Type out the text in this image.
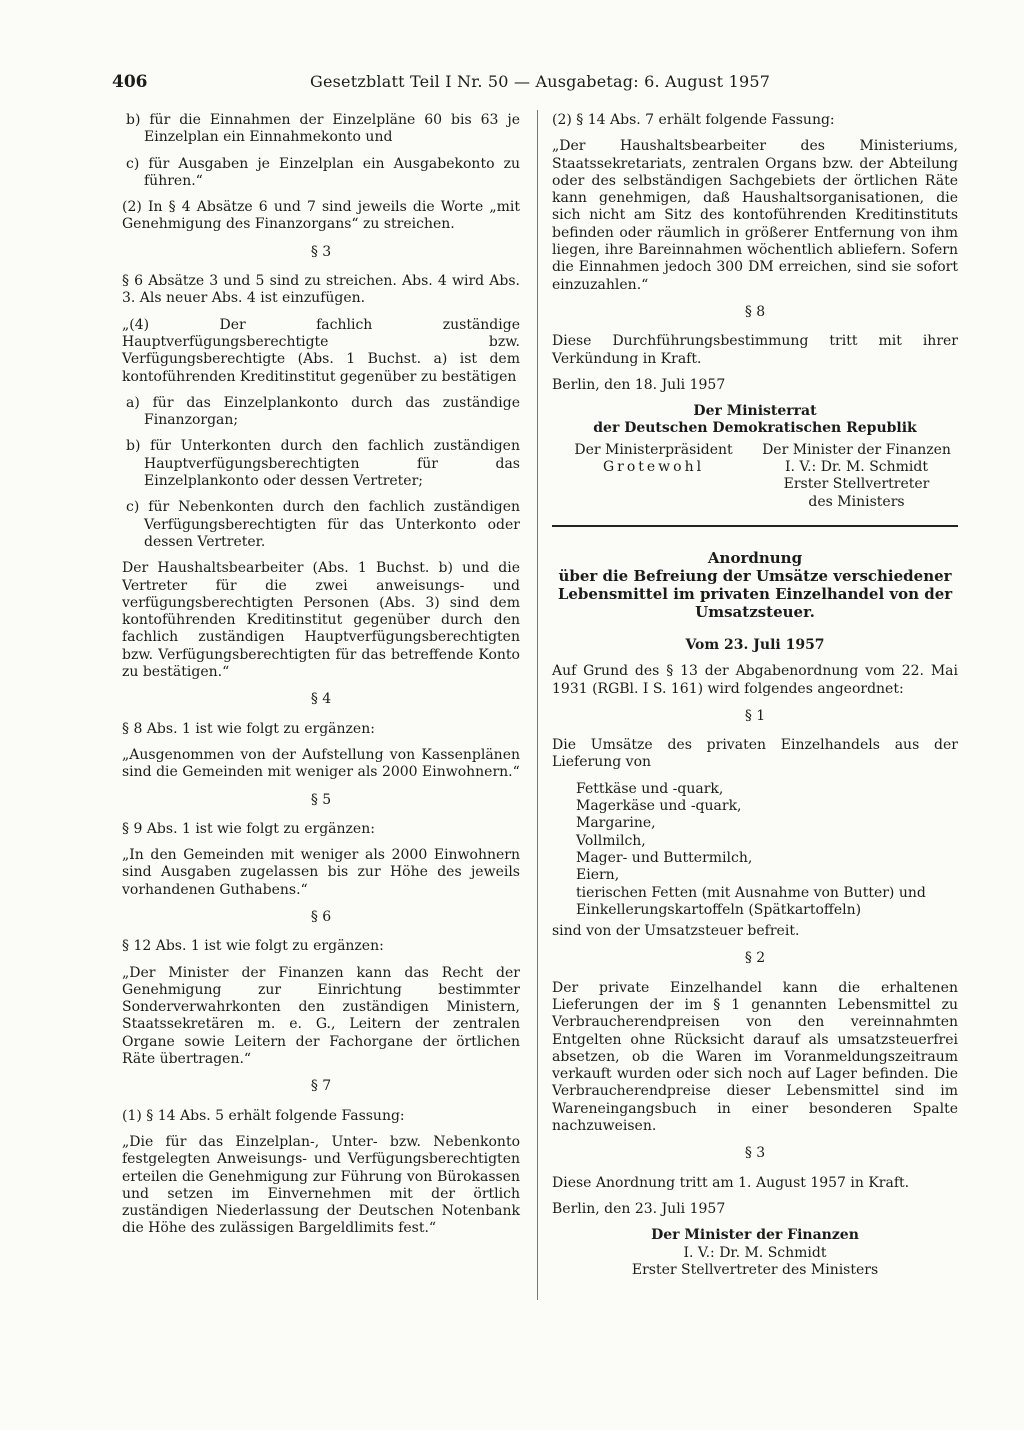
406	Gesetzblatt Teil I Nr. 50 — Ausgabetag: 6. August 1957

b) für die Einnahmen der Einzelpläne 60 bis 63 je Einzelplan ein Einnahmekonto und

c) für Ausgaben je Einzelplan ein Ausgabekonto zu führen.“

(2) In § 4 Absätze 6 und 7 sind jeweils die Worte „mit Genehmigung des Finanzorgans“ zu streichen.

§ 3

§ 6 Absätze 3 und 5 sind zu streichen. Abs. 4 wird Abs. 3. Als neuer Abs. 4 ist einzufügen.

„(4) Der fachlich zuständige Hauptverfügungsberechtigte bzw. Verfügungsberechtigte (Abs. 1 Buchst. a) ist dem kontoführenden Kreditinstitut gegenüber zu bestätigen

a) für das Einzelplankonto durch das zuständige Finanzorgan;

b) für Unterkonten durch den fachlich zuständigen Hauptverfügungsberechtigten für das Einzelplankonto oder dessen Vertreter;

c) für Nebenkonten durch den fachlich zuständigen Verfügungsberechtigten für das Unterkonto oder dessen Vertreter.

Der Haushaltsbearbeiter (Abs. 1 Buchst. b) und die Vertreter für die zwei anweisungs- und verfügungsberechtigten Personen (Abs. 3) sind dem kontoführenden Kreditinstitut gegenüber durch den fachlich zuständigen Hauptverfügungsberechtigten bzw. Verfügungsberechtigten für das betreffende Konto zu bestätigen.“

§ 4

§ 8 Abs. 1 ist wie folgt zu ergänzen:

„Ausgenommen von der Aufstellung von Kassenplänen sind die Gemeinden mit weniger als 2000 Einwohnern.“

§ 5

§ 9 Abs. 1 ist wie folgt zu ergänzen:

„In den Gemeinden mit weniger als 2000 Einwohnern sind Ausgaben zugelassen bis zur Höhe des jeweils vorhandenen Guthabens.“

§ 6

§ 12 Abs. 1 ist wie folgt zu ergänzen:

„Der Minister der Finanzen kann das Recht der Genehmigung zur Einrichtung bestimmter Sonderverwahrkonten den zuständigen Ministern, Staatssekretären m. e. G., Leitern der zentralen Organe sowie Leitern der Fachorgane der örtlichen Räte übertragen.“

§ 7

(1) § 14 Abs. 5 erhält folgende Fassung:

„Die für das Einzelplan-, Unter- bzw. Nebenkonto festgelegten Anweisungs- und Verfügungsberechtigten erteilen die Genehmigung zur Führung von Bürokassen und setzen im Einvernehmen mit der örtlich zuständigen Niederlassung der Deutschen Notenbank die Höhe des zulässigen Bargeldlimits fest.“

(2) § 14 Abs. 7 erhält folgende Fassung:

„Der Haushaltsbearbeiter des Ministeriums, Staatssekretariats, zentralen Organs bzw. der Abteilung oder des selbständigen Sachgebiets der örtlichen Räte kann genehmigen, daß Haushaltsorganisationen, die sich nicht am Sitz des kontoführenden Kreditinstituts befinden oder räumlich in größerer Entfernung von ihm liegen, ihre Bareinnahmen wöchentlich abliefern. Sofern die Einnahmen jedoch 300 DM erreichen, sind sie sofort einzuzahlen.“

§ 8

Diese Durchführungsbestimmung tritt mit ihrer Verkündung in Kraft.

Berlin, den 18. Juli 1957

Der Ministerrat
der Deutschen Demokratischen Republik
Der Ministerpräsident
Grotewohl
Der Minister der Finanzen
I. V.: Dr. M. Schmidt
Erster Stellvertreter
des Ministers
Anordnung
über die Befreiung der Umsätze verschiedener Lebensmittel im privaten Einzelhandel von der Umsatzsteuer.

Vom 23. Juli 1957

Auf Grund des § 13 der Abgabenordnung vom 22. Mai 1931 (RGBl. I S. 161) wird folgendes angeordnet:

§ 1

Die Umsätze des privaten Einzelhandels aus der Lieferung von

Fettkäse und -quark,
Magerkäse und -quark,
Margarine,
Vollmilch,
Mager- und Buttermilch,
Eiern,
tierischen Fetten (mit Ausnahme von Butter) und Einkellerungskartoffeln (Spätkartoffeln)

sind von der Umsatzsteuer befreit.

§ 2

Der private Einzelhandel kann die erhaltenen Lieferungen der im § 1 genannten Lebensmittel zu Verbraucherendpreisen von den vereinnahmten Entgelten ohne Rücksicht darauf als umsatzsteuerfrei absetzen, ob die Waren im Voranmeldungszeitraum verkauft wurden oder sich noch auf Lager befinden. Die Verbraucherendpreise dieser Lebensmittel sind im Wareneingangsbuch in einer besonderen Spalte nachzuweisen.

§ 3

Diese Anordnung tritt am 1. August 1957 in Kraft.

Berlin, den 23. Juli 1957

Der Minister der Finanzen
I. V.: Dr. M. Schmidt
Erster Stellvertreter des Ministers
